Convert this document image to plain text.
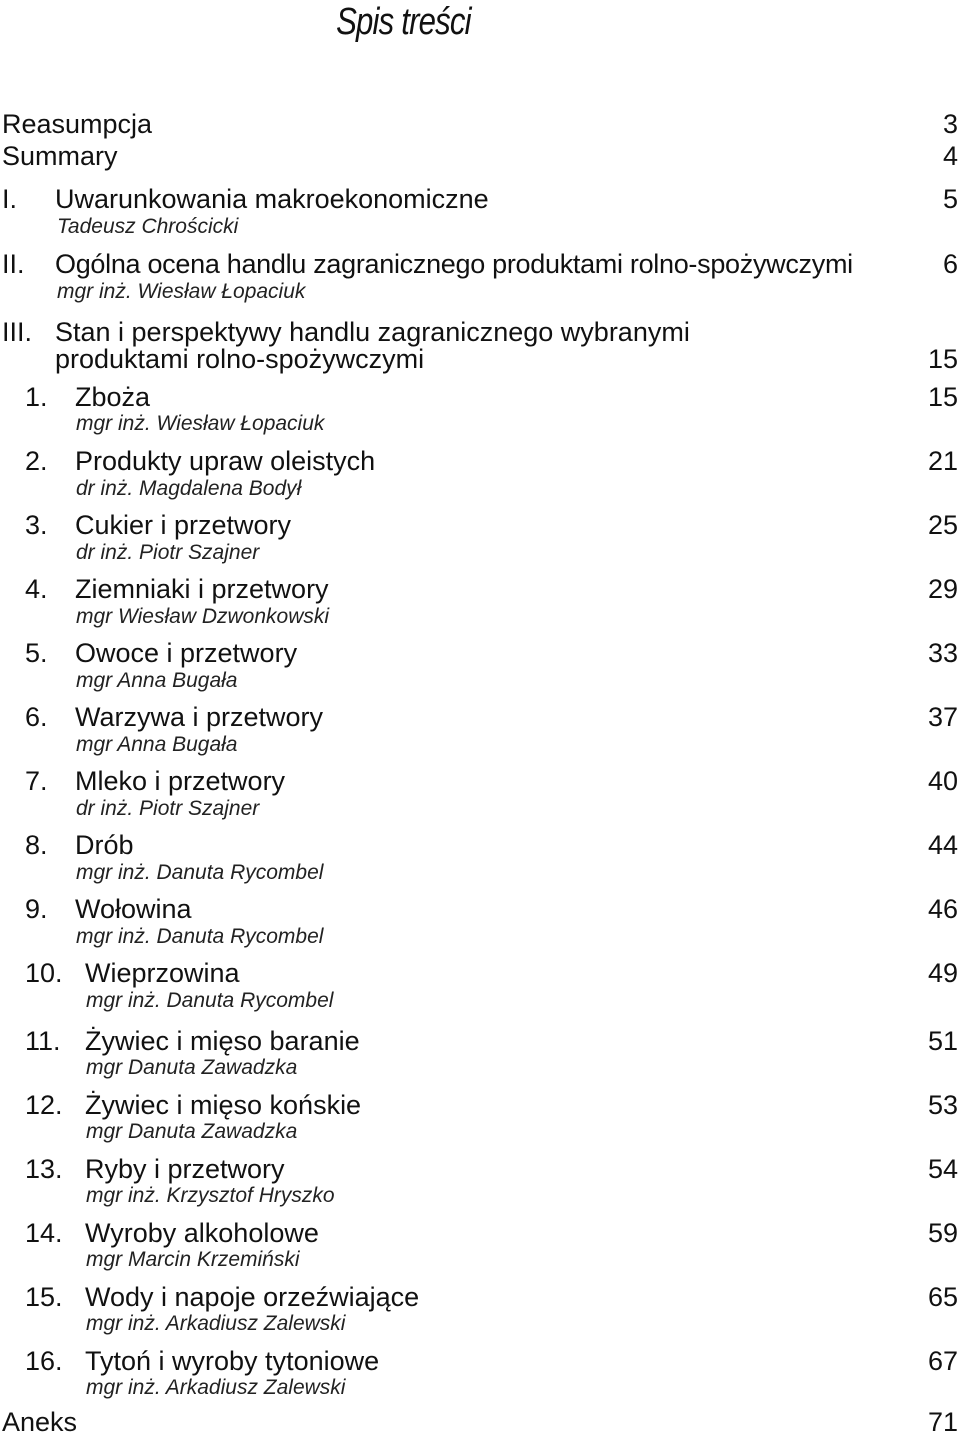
Spis treści
Reasumpcja	3
Summary	4
I. Uwarunkowania makroekonomiczne	5
Tadeusz Chrościcki
II. Ogólna ocena handlu zagranicznego produktami rolno-spożywczymi	6
mgr inż. Wiesław Łopaciuk
III. Stan i perspektywy handlu zagranicznego wybranymi
produktami rolno-spożywczymi	15
1. Zboża	15
mgr inż. Wiesław Łopaciuk
2. Produkty upraw oleistych	21
dr inż. Magdalena Bodył
3. Cukier i przetwory	25
dr inż. Piotr Szajner
4. Ziemniaki i przetwory	29
mgr Wiesław Dzwonkowski
5. Owoce i przetwory	33
mgr Anna Bugała
6. Warzywa i przetwory	37
mgr Anna Bugała
7. Mleko i przetwory	40
dr inż. Piotr Szajner
8. Drób	44
mgr inż. Danuta Rycombel
9. Wołowina	46
mgr inż. Danuta Rycombel
10. Wieprzowina	49
mgr inż. Danuta Rycombel
11. Żywiec i mięso baranie	51
mgr Danuta Zawadzka
12. Żywiec i mięso końskie	53
mgr Danuta Zawadzka
13. Ryby i przetwory	54
mgr inż. Krzysztof Hryszko
14. Wyroby alkoholowe	59
mgr Marcin Krzemiński
15. Wody i napoje orzeźwiające	65
mgr inż. Arkadiusz Zalewski
16. Tytoń i wyroby tytoniowe	67
mgr inż. Arkadiusz Zalewski
Aneks	71
